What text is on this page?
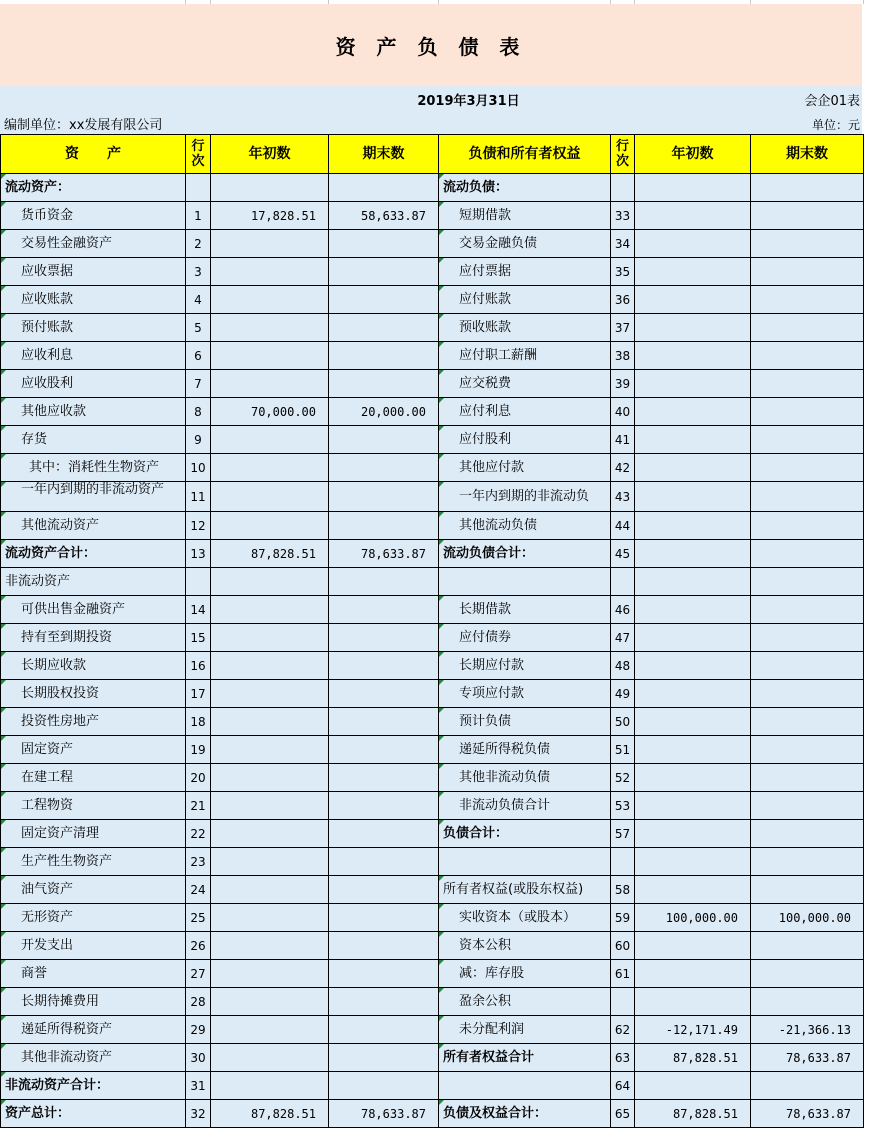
资 产 负 债 表
2019年3月31日	会企01表
编制单位：xx发展有限公司	单位：元
资　　产	行次	年初数	期末数	负债和所有者权益	行次	年初数	期末数
流动资产：				流动负债：			
货币资金	1	17,828.51	58,633.87	短期借款	33		
交易性金融资产	2			交易金融负债	34		
应收票据	3			应付票据	35		
应收账款	4			应付账款	36		
预付账款	5			预收账款	37		
应收利息	6			应付职工薪酬	38		
应收股利	7			应交税费	39		
其他应收款	8	70,000.00	20,000.00	应付利息	40		
存货	9			应付股利	41		
其中：消耗性生物资产	10			其他应付款	42		
一年内到期的非流动资产	11			一年内到期的非流动负	43		
其他流动资产	12			其他流动负债	44		
流动资产合计：	13	87,828.51	78,633.87	流动负债合计：	45		
非流动资产							
可供出售金融资产	14			长期借款	46		
持有至到期投资	15			应付债券	47		
长期应收款	16			长期应付款	48		
长期股权投资	17			专项应付款	49		
投资性房地产	18			预计负债	50		
固定资产	19			递延所得税负债	51		
在建工程	20			其他非流动负债	52		
工程物资	21			非流动负债合计	53		
固定资产清理	22			负债合计：	57		
生产性生物资产	23						
油气资产	24			所有者权益(或股东权益)	58		
无形资产	25			实收资本（或股本）	59	100,000.00	100,000.00
开发支出	26			资本公积	60		
商誉	27			减：库存股	61		
长期待摊费用	28			盈余公积			
递延所得税资产	29			未分配利润	62	-12,171.49	-21,366.13
其他非流动资产	30			所有者权益合计	63	87,828.51	78,633.87
非流动资产合计：	31				64		
资产总计：	32	87,828.51	78,633.87	负债及权益合计：	65	87,828.51	78,633.87
